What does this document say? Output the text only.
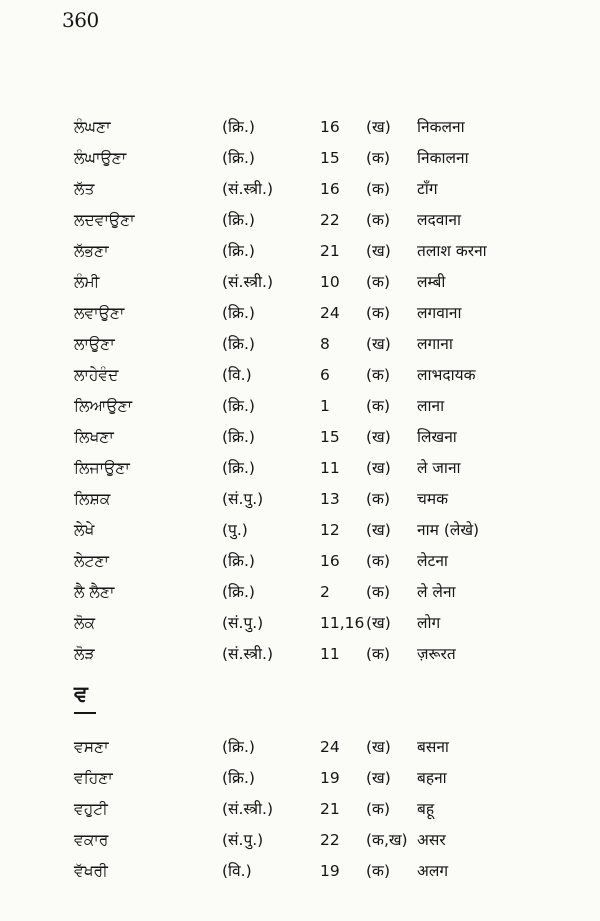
360
ਲੰਘਣਾ	(क्रि.)	16 (ख) निकलना
ਲੰਘਾਉਣਾ	(क्रि.)	15 (क) निकालना
ਲੱਤ	(सं.स्त्री.)	16 (क) टाँग
ਲਦਵਾਉਣਾ	(क्रि.)	22 (क) लदवाना
ਲੱਭਣਾ	(क्रि.)	21 (ख) तलाश करना
ਲੰਮੀ	(सं.स्त्री.)	10 (क) लम्बी
ਲਵਾਉਣਾ	(क्रि.)	24 (क) लगवाना
ਲਾਉਣਾ	(क्रि.)	8 (ख) लगाना
ਲਾਹੇਵੰਦ	(वि.)	6 (क) लाभदायक
ਲਿਆਉਣਾ	(क्रि.)	1 (क) लाना
ਲਿਖਣਾ	(क्रि.)	15 (ख) लिखना
ਲਿਜਾਉਣਾ	(क्रि.)	11 (ख) ले जाना
ਲਿਸ਼ਕ	(सं.पु.)	13 (क) चमक
ਲੇਖੇ	(पु.)	12 (ख) नाम (लेखे)
ਲੇਟਣਾ	(क्रि.)	16 (क) लेटना
ਲੈ ਲੈਣਾ	(क्रि.)	2 (क) ले लेना
ਲੋਕ	(सं.पु.)	11,16 (ख) लोग
ਲੋੜ	(सं.स्त्री.)	11 (क) ज़रूरत
ਵ
ਵਸਣਾ	(क्रि.)	24 (ख) बसना
ਵਹਿਣਾ	(क्रि.)	19 (ख) बहना
ਵਹੁਟੀ	(सं.स्त्री.)	21 (क) बहू
ਵਕਾਰ	(सं.पु.)	22 (क,ख) असर
ਵੱਖਰੀ	(वि.)	19 (क) अलग
